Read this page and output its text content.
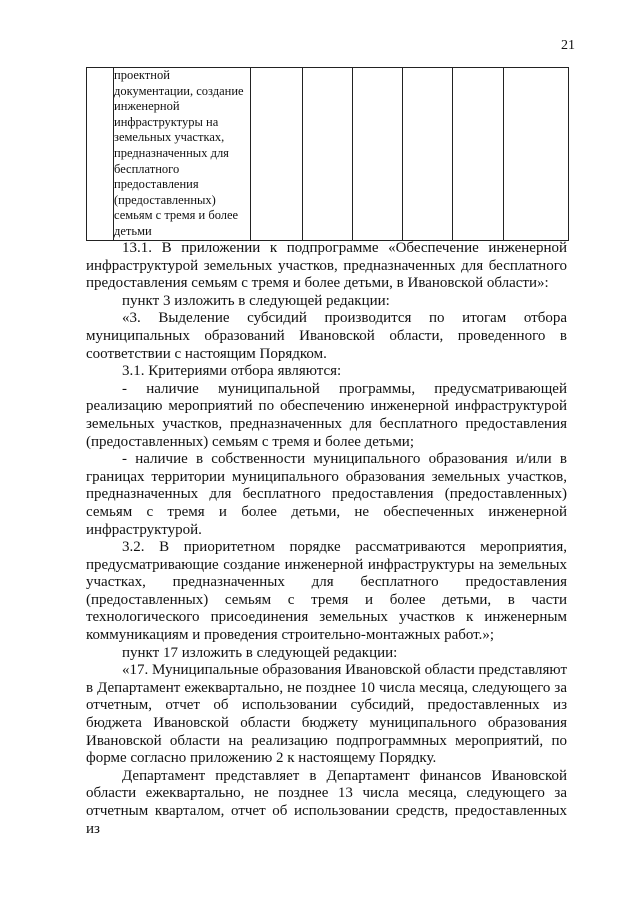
21
	проектной документации, создание инженерной инфраструктуры на земельных участках, предназначенных для бесплатного предоставления (предоставленных) семьям с тремя и более детьми						

13.1. В приложении к подпрограмме «Обеспечение инженерной инфраструктурой земельных участков, предназначенных для бесплатного предоставления семьям с тремя и более детьми, в Ивановской области»:

пункт 3 изложить в следующей редакции:

«3. Выделение субсидий производится по итогам отбора муниципальных образований Ивановской области, проведенного в соответствии с настоящим Порядком.

3.1. Критериями отбора являются:

- наличие муниципальной программы, предусматривающей реализацию мероприятий по обеспечению инженерной инфраструктурой земельных участков, предназначенных для бесплатного предоставления (предоставленных) семьям с тремя и более детьми;

- наличие в собственности муниципального образования и/или в границах территории муниципального образования земельных участков, предназначенных для бесплатного предоставления (предоставленных) семьям с тремя и более детьми, не обеспеченных инженерной инфраструктурой.

3.2. В приоритетном порядке рассматриваются мероприятия, предусматривающие создание инженерной инфраструктуры на земельных участках, предназначенных для бесплатного предоставления (предоставленных) семьям с тремя и более детьми, в части технологического присоединения земельных участков к инженерным коммуникациям и проведения строительно-монтажных работ.»;

пункт 17 изложить в следующей редакции:

«17. Муниципальные образования Ивановской области представляют в Департамент ежеквартально, не позднее 10 числа месяца, следующего за отчетным, отчет об использовании субсидий, предоставленных из бюджета Ивановской области бюджету муниципального образования Ивановской области на реализацию подпрограммных мероприятий, по форме согласно приложению 2 к настоящему Порядку.

Департамент представляет в Департамент финансов Ивановской области ежеквартально, не позднее 13 числа месяца, следующего за отчетным кварталом, отчет об использовании средств, предоставленных из
